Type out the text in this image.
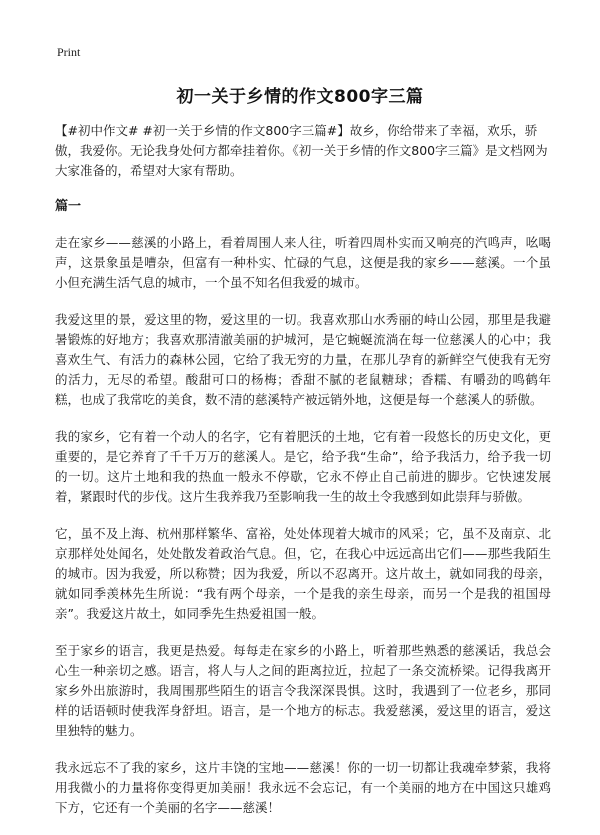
Print
初一关于乡情的作文800字三篇

【#初中作文# #初一关于乡情的作文800字三篇#】故乡，你给带来了幸福，欢乐，骄傲，我爱你。无论我身处何方都牵挂着你。《初一关于乡情的作文800字三篇》是文档网为大家准备的，希望对大家有帮助。

篇一

走在家乡——慈溪的小路上，看着周围人来人往，听着四周朴实而又响亮的汽鸣声，吆喝声，这景象虽是嘈杂，但富有一种朴实、忙碌的气息，这便是我的家乡——慈溪。一个虽小但充满生活气息的城市，一个虽不知名但我爱的城市。

我爱这里的景，爱这里的物，爱这里的一切。我喜欢那山水秀丽的峙山公园，那里是我避暑锻炼的好地方；我喜欢那清澈美丽的护城河，是它蜿蜒流淌在每一位慈溪人的心中；我喜欢生气、有活力的森林公园，它给了我无穷的力量，在那儿孕育的新鲜空气使我有无穷的活力，无尽的希望。酸甜可口的杨梅；香甜不腻的老鼠糖球；香糯、有嚼劲的鸣鹤年糕，也成了我常吃的美食，数不清的慈溪特产被远销外地，这便是每一个慈溪人的骄傲。

我的家乡，它有着一个动人的名字，它有着肥沃的土地，它有着一段悠长的历史文化，更重要的，是它养育了千千万万的慈溪人。是它，给予我“生命”，给予我活力，给予我一切的一切。这片土地和我的热血一般永不停歇，它永不停止自己前进的脚步。它快速发展着，紧跟时代的步伐。这片生我养我乃至影响我一生的故土令我感到如此崇拜与骄傲。

它，虽不及上海、杭州那样繁华、富裕，处处体现着大城市的风采；它，虽不及南京、北京那样处处闻名，处处散发着政治气息。但，它，在我心中远远高出它们——那些我陌生的城市。因为我爱，所以称赞；因为我爱，所以不忍离开。这片故土，就如同我的母亲，就如同季羡林先生所说：“我有两个母亲，一个是我的亲生母亲，而另一个是我的祖国母亲”。我爱这片故土，如同季先生热爱祖国一般。

至于家乡的语言，我更是热爱。每每走在家乡的小路上，听着那些熟悉的慈溪话，我总会心生一种亲切之感。语言，将人与人之间的距离拉近，拉起了一条交流桥梁。记得我离开家乡外出旅游时，我周围那些陌生的语言令我深深畏惧。这时，我遇到了一位老乡，那同样的话语顿时使我浑身舒坦。语言，是一个地方的标志。我爱慈溪，爱这里的语言，爱这里独特的魅力。

我永远忘不了我的家乡，这片丰饶的宝地——慈溪！你的一切一切都让我魂牵梦萦，我将用我微小的力量将你变得更加美丽！我永远不会忘记，有一个美丽的地方在中国这只雄鸡下方，它还有一个美丽的名字——慈溪！
